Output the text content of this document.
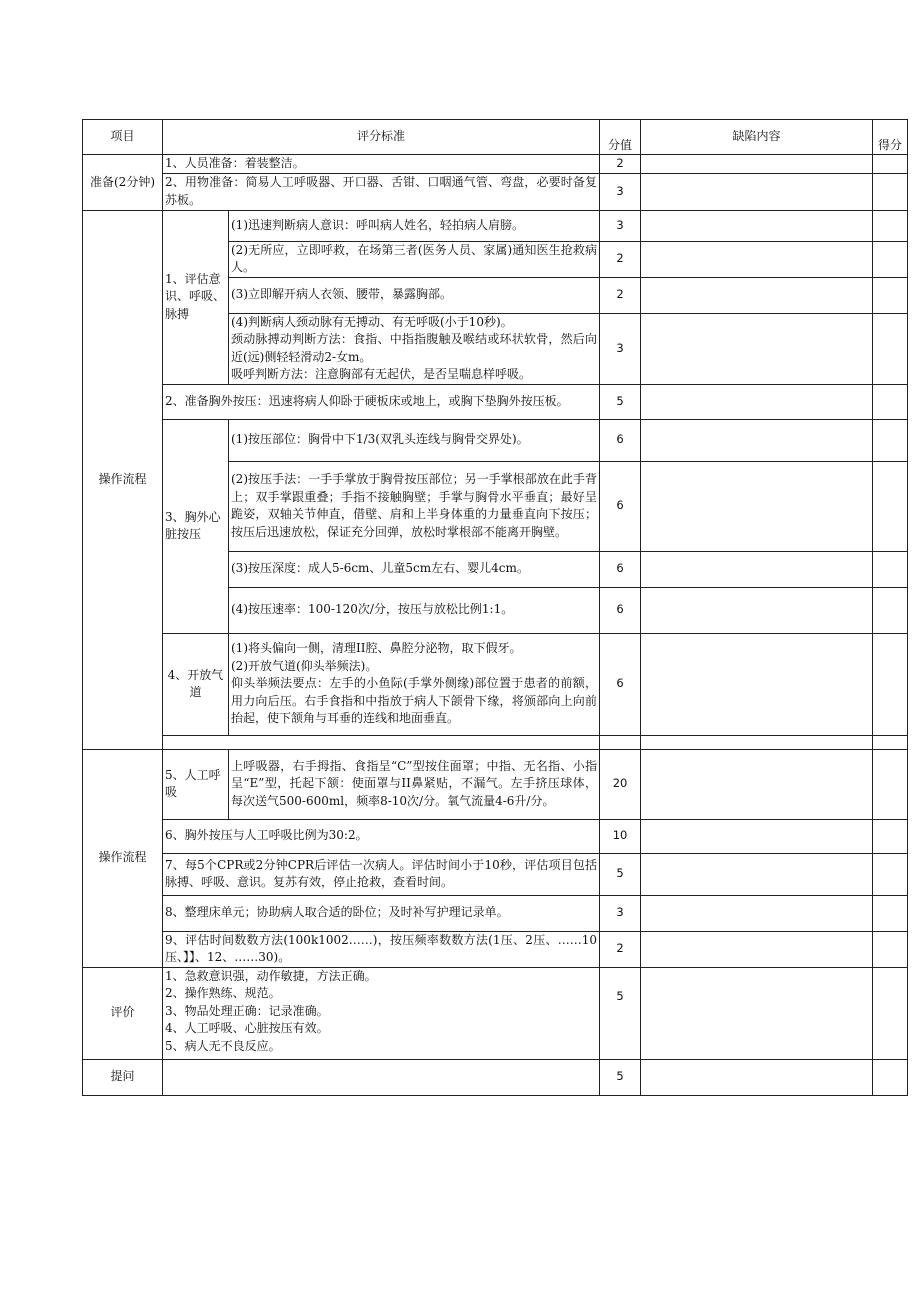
项目	评分标准		分值	缺陷内容	得分
准备(2分钟)	1、人员准备：着装整洁。		2		
	2、用物准备：简易人工呼吸器、开口器、舌钳、口咽通气管、弯盘，必要时备复苏板。		3		
操作流程	1、评估意识、呼吸、脉搏	(1)迅速判断病人意识：呼叫病人姓名，轻拍病人肩膀。	3		
		(2)无所应，立即呼救，在场第三者(医务人员、家属)通知医生抢救病人。	2		
		(3)立即解开病人衣领、腰带，暴露胸部。	2		

		(4)判断病人颈动脉有无搏动、有无呼吸(小于10秒)。
颈动脉搏动判断方法：食指、中指指腹触及喉结或环状软骨，然后向近(远)侧轻轻滑动2-女m。
吸呼判断方法：注意胸部有无起伏，是否呈喘息样呼吸。	3		
	2、准备胸外按压：迅速将病人仰卧于硬板床或地上，或胸下垫胸外按压板。		5		
	3、胸外心脏按压	(1)按压部位：胸骨中下1/3(双乳头连线与胸骨交界处)。	6		
		(2)按压手法：一手手掌放于胸骨按压部位；另一手掌根部放在此手背上；双手掌跟重叠；手指不接触胸壁；手掌与胸骨水平垂直；最好呈跪姿，双轴关节伸直，借壁、肩和上半身体重的力量垂直向下按压；按压后迅速放松，保证充分回弹，放松时掌根部不能离开胸壁。	6		
		(3)按压深度：成人5-6cm、儿童5cm左右、婴儿4cm。	6		
		(4)按压速率：100-120次/分，按压与放松比例1:1。	6		
	4、开放气道	(1)将头偏向一侧，清理II腔、鼻腔分泌物，取下假牙。
(2)开放气道(仰头举频法)。
仰头举频法要点：左手的小鱼际(手掌外侧缘)部位置于患者的前额，用力向后压。右手食指和中指放于病人下颌骨下缘，将颁部向上向前抬起，使下颔角与耳垂的连线和地面垂直。	6		

操作流程	5、人工呼吸	上呼吸器，右手拇指、食指呈“C”型按住面罩；中指、无名指、小指呈“E”型，托起下颔：使面罩与II鼻紧贴，不漏气。左手挤压球体，每次送气500-600ml，频率8-10次/分。氧气流量4-6升/分。	20		
	6、胸外按压与人工呼吸比例为30:2。		10		
	7、每5个CPR或2分钟CPR后评估一次病人。评估时间小于10秒，评估项目包括脉搏、呼吸、意识。复苏有效，停止抢救，查看时间。		5		
	8、整理床单元；协助病人取合适的卧位；及时补写护理记录单。		3		
	9、评估时间数数方法(100k1002……)，按压频率数数方法(1压、2压、……10压、】】、12、……30)。		2		
评价	1、急救意识强，动作敏捷，方法正确。
2、操作熟练、规范。
3、物品处理正确：记录准确。
4、人工呼吸、心脏按压有效。
5、病人无不良反应。		5		
提问			5		
